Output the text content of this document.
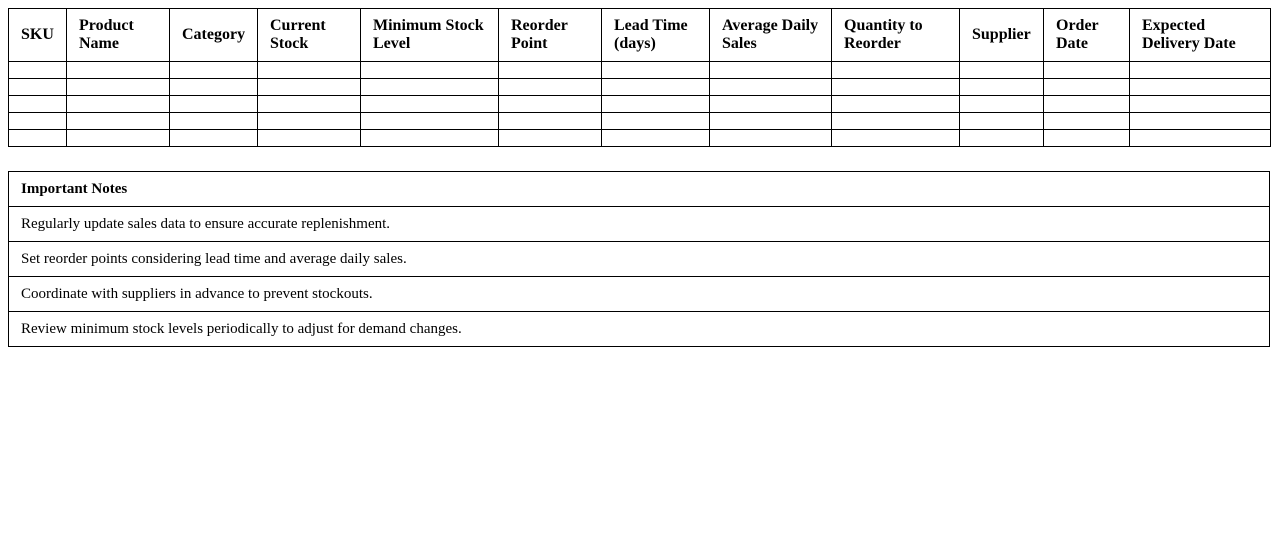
SKU	Product Name	Category	Current Stock	Minimum Stock Level	Reorder Point	Lead Time (days)	Average Daily Sales	Quantity to Reorder	Supplier	Order Date	Expected Delivery Date

Important Notes
Regularly update sales data to ensure accurate replenishment.
Set reorder points considering lead time and average daily sales.
Coordinate with suppliers in advance to prevent stockouts.
Review minimum stock levels periodically to adjust for demand changes.
